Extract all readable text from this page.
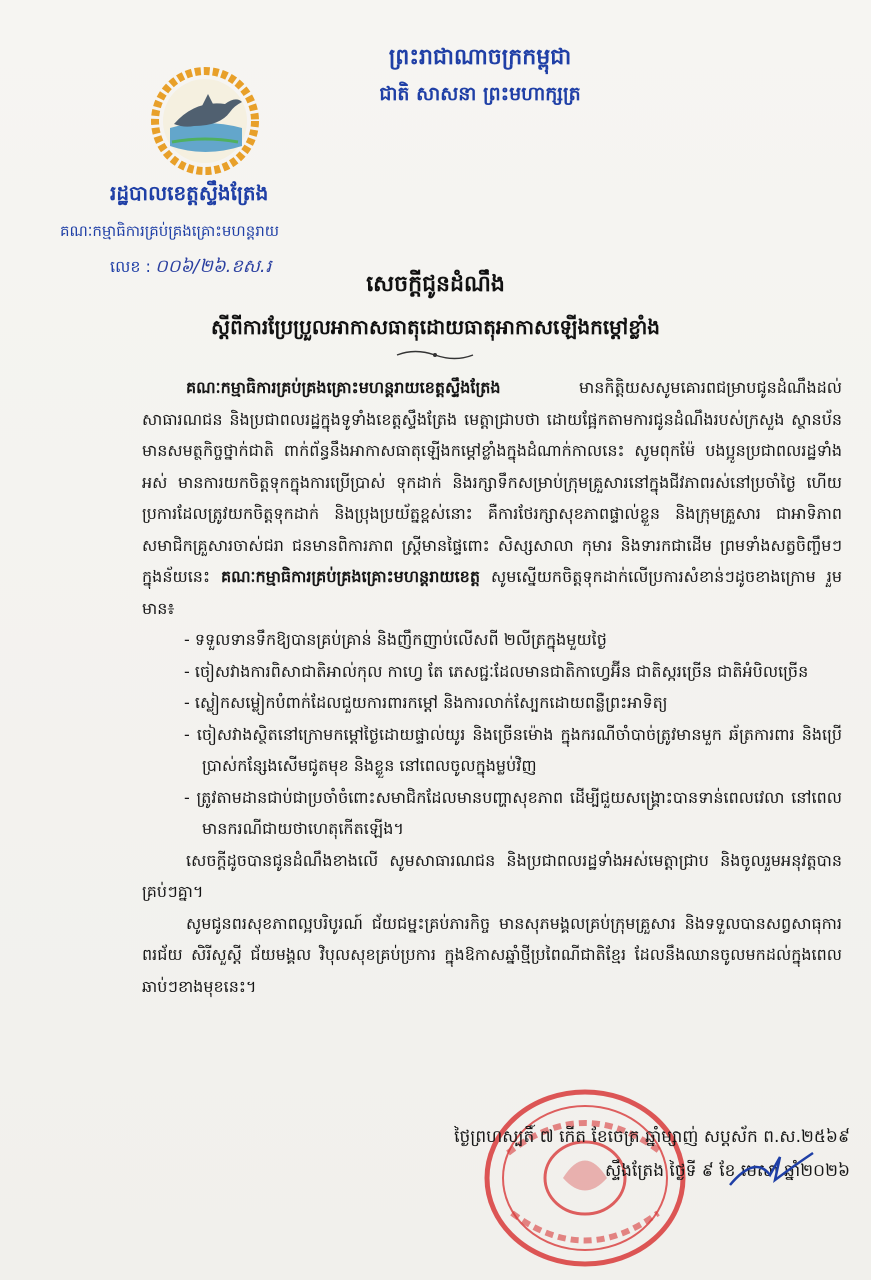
ព្រះរាជាណាចក្រកម្ពុជា
ជាតិ សាសនា ព្រះមហាក្សត្រ
រដ្ឋបាលខេត្តស្ទឹងត្រែង
គណៈកម្មាធិការគ្រប់គ្រងគ្រោះមហន្តរាយ
លេខ : ០០៦/២៦.ខស.រ
សេចក្តីជូនដំណឹង
ស្តីពីការប្រែប្រួលអាកាសធាតុដោយធាតុអាកាសឡើងកម្តៅខ្លាំង

គណៈកម្មាធិការគ្រប់គ្រងគ្រោះមហន្តរាយខេត្តស្ទឹងត្រែង មានកិត្តិយសសូមគោរពជម្រាបជូនដំណឹងដល់សាធារណជន និងប្រជាពលរដ្ឋក្នុងទូទាំងខេត្តស្ទឹងត្រែង មេត្តាជ្រាបថា ដោយផ្អែកតាមការជូនដំណឹងរបស់ក្រសួង ស្ថានប័នមានសមត្ថកិច្ចថ្នាក់ជាតិ ពាក់ព័ន្ធនឹងអាកាសធាតុឡើងកម្តៅខ្លាំងក្នុងដំណាក់កាលនេះ សូមពុកម៉ែ បងប្អូនប្រជាពលរដ្ឋទាំងអស់ មានការយកចិត្តទុកក្នុងការប្រើប្រាស់ ទុកដាក់ និងរក្សាទឹកសម្រាប់ក្រុមគ្រួសារនៅក្នុងជីវភាពរស់នៅប្រចាំថ្ងៃ ហើយប្រការដែលត្រូវយកចិត្តទុកដាក់ និងប្រុងប្រយ័ត្នខ្ពស់នោះ គឺការថែរក្សាសុខភាពផ្ទាល់ខ្លួន និងក្រុមគ្រួសារ ជាអាទិភាពសមាជិកគ្រួសារចាស់ជរា ជនមានពិការភាព ស្ត្រីមានផ្ទៃពោះ សិស្សសាលា កុមារ និងទារកជាដើម ព្រមទាំងសត្វចិញ្ចឹមៗ ក្នុងន័យនេះ គណៈកម្មាធិការគ្រប់គ្រងគ្រោះមហន្តរាយខេត្ត សូមស្នើយកចិត្តទុកដាក់លើប្រការសំខាន់ៗដូចខាងក្រោម រួមមាន៖

- ទទួលទានទឹកឱ្យបានគ្រប់គ្រាន់ និងញឹកញាប់លើសពី ២លីត្រក្នុងមួយថ្ងៃ
- ចៀសវាងការពិសាជាតិអាល់កុល កាហ្វេ តែ ភេសជ្ជៈដែលមានជាតិកាហ្វេអ៊ីន ជាតិស្ករច្រើន ជាតិអំបិលច្រើន
- ស្លៀកសម្លៀកបំពាក់ដែលជួយការពារកម្តៅ និងការលាក់ស្បែកដោយពន្លឺព្រះអាទិត្យ
- ចៀសវាងស្ថិតនៅក្រោមកម្តៅថ្ងៃដោយផ្ទាល់យូរ និងច្រើនម៉ោង ក្នុងករណីចាំបាច់ត្រូវមានមួក ឆ័ត្រការពារ និងប្រើប្រាស់កន្សែងសើមជូតមុខ និងខ្លួន នៅពេលចូលក្នុងម្លប់វិញ
- ត្រូវតាមដានជាប់ជាប្រចាំចំពោះសមាជិកដែលមានបញ្ហាសុខភាព ដើម្បីជួយសង្គ្រោះបានទាន់ពេលវេលា នៅពេលមានករណីជាយថាហេតុកើតឡើង។

សេចក្តីដូចបានជូនដំណឹងខាងលើ សូមសាធារណជន និងប្រជាពលរដ្ឋទាំងអស់មេត្តាជ្រាប និងចូលរួមអនុវត្តបានគ្រប់ៗគ្នា។

សូមជូនពរសុខភាពល្អបរិបូរណ៍ ជ័យជម្នះគ្រប់ភារកិច្ច មានសុភមង្គលគ្រប់ក្រុមគ្រួសារ និងទទួលបានសព្វសាធុការពរជ័យ សិរីសួស្តី ជ័យមង្គល វិបុលសុខគ្រប់ប្រការ ក្នុងឱកាសឆ្នាំថ្មីប្រពៃណីជាតិខ្មែរ ដែលនឹងឈានចូលមកដល់ក្នុងពេលឆាប់ៗខាងមុខនេះ។

ថ្ងៃព្រហស្បតិ៍ ៧ កើត ខែចេត្រ ឆ្នាំម្សាញ់ សប្តស័ក ព.ស.២៥៦៩
ស្ទឹងត្រែង ថ្ងៃទី ៩ ខែ មេសា ឆ្នាំ២០២៦
